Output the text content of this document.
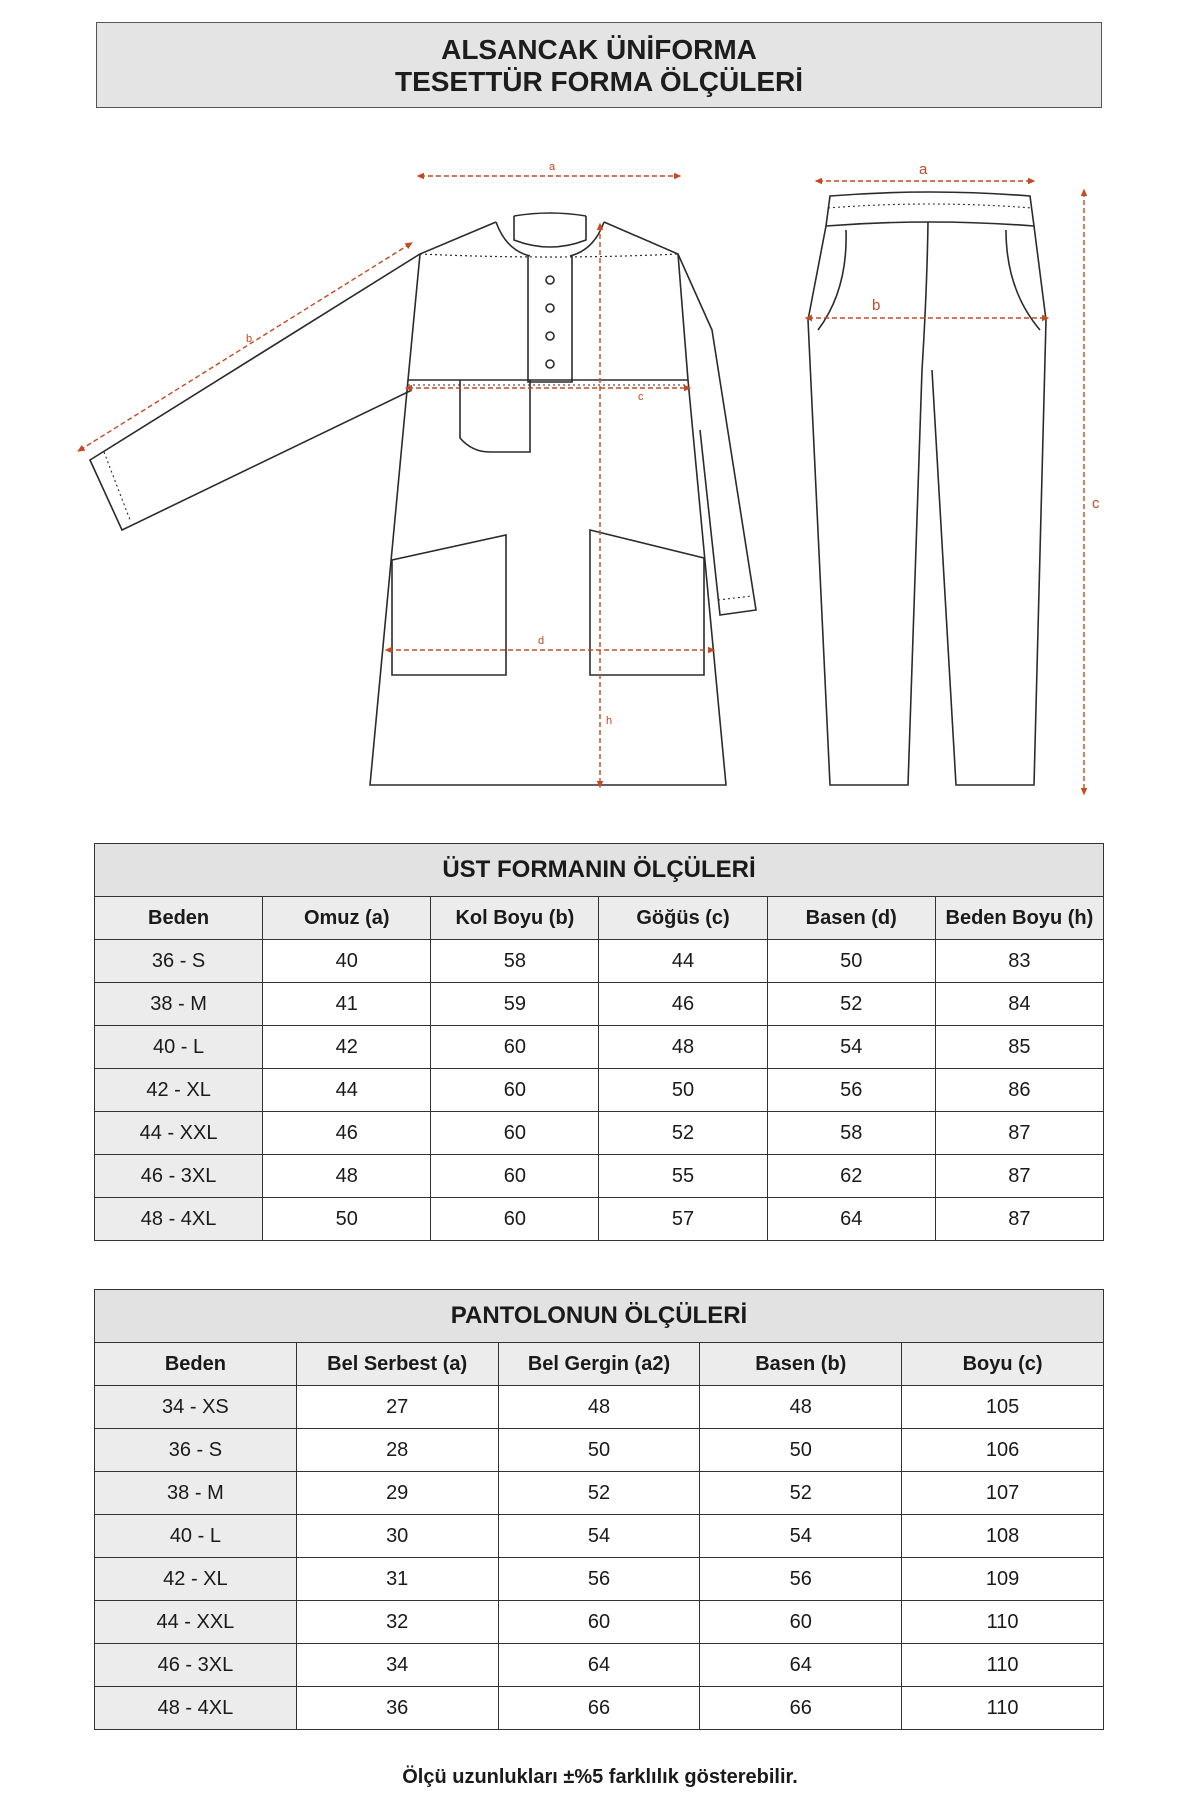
ALSANCAK ÜNİFORMA
TESETTÜR FORMA ÖLÇÜLERİ
a
b
c
d
h
a
b
c
ÜST FORMANIN ÖLÇÜLERİ					
Beden	Omuz (a)	Kol Boyu (b)	Göğüs (c)	Basen (d)	Beden Boyu (h)
36 - S	40	58	44	50	83
38 - M	41	59	46	52	84
40 - L	42	60	48	54	85
42 - XL	44	60	50	56	86
44 - XXL	46	60	52	58	87
46 - 3XL	48	60	55	62	87
48 - 4XL	50	60	57	64	87
PANTOLONUN ÖLÇÜLERİ				
Beden	Bel Serbest (a)	Bel Gergin (a2)	Basen (b)	Boyu (c)
34 - XS	27	48	48	105
36 - S	28	50	50	106
38 - M	29	52	52	107
40 - L	30	54	54	108
42 - XL	31	56	56	109
44 - XXL	32	60	60	110
46 - 3XL	34	64	64	110
48 - 4XL	36	66	66	110
Ölçü uzunlukları ±%5 farklılık gösterebilir.
